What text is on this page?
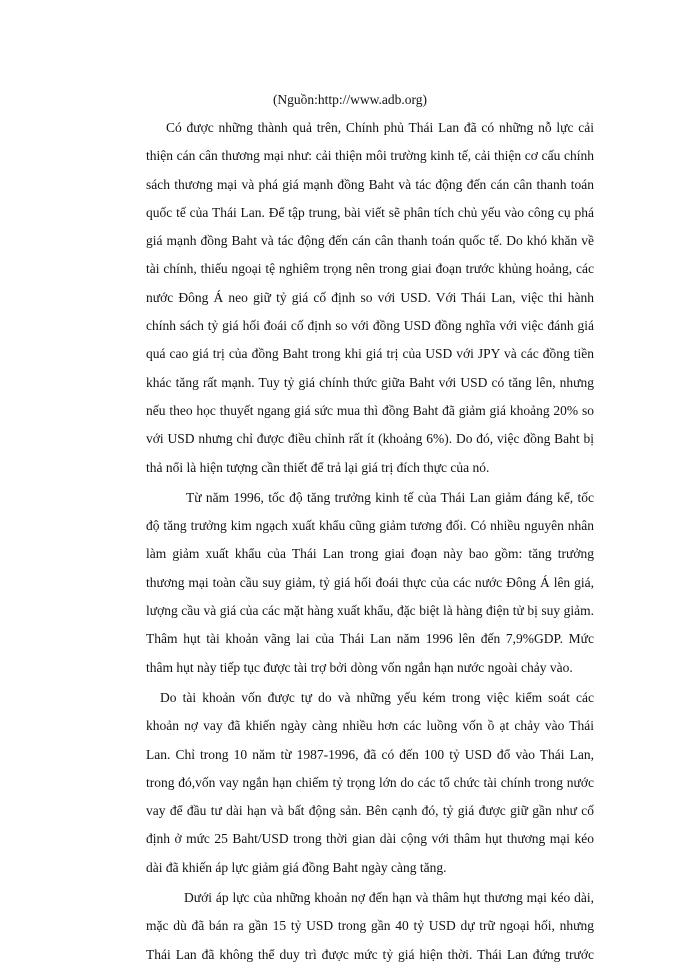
(Nguồn:http://www.adb.org)
Có được những thành quả trên, Chính phủ Thái Lan đã có những nỗ lực cải
thiện cán cân thương mại như: cải thiện môi trường kinh tế, cải thiện cơ cấu chính
sách thương mại và phá giá mạnh đồng Baht và tác động đến cán cân thanh toán
quốc tế của Thái Lan. Để tập trung, bài viết sẽ phân tích chủ yếu vào công cụ phá
giá mạnh đồng Baht và tác động đến cán cân thanh toán quốc tế. Do khó khăn về
tài chính, thiếu ngoại tệ nghiêm trọng nên trong giai đoạn trước khủng hoảng, các
nước Đông Á neo giữ tỷ giá cố định so với USD. Với Thái Lan, việc thi hành
chính sách tỷ giá hối đoái cố định so với đồng USD đồng nghĩa với việc đánh giá
quá cao giá trị của đồng Baht trong khi giá trị của USD với JPY và các đồng tiền
khác tăng rất mạnh. Tuy tỷ giá chính thức giữa Baht với USD có tăng lên, nhưng
nếu theo học thuyết ngang giá sức mua thì đồng Baht đã giảm giá khoảng 20% so
với USD nhưng chỉ được điều chỉnh rất ít (khoảng 6%). Do đó, việc đồng Baht bị
thả nổi là hiện tượng cần thiết để trả lại giá trị đích thực của nó.
Từ năm 1996, tốc độ tăng trưởng kinh tế của Thái Lan giảm đáng kể, tốc
độ tăng trưởng kim ngạch xuất khẩu cũng giảm tương đối. Có nhiều nguyên nhân
làm giảm xuất khẩu của Thái Lan trong giai đoạn này bao gồm: tăng trưởng
thương mại toàn cầu suy giảm, tỷ giá hối đoái thực của các nước Đông Á lên giá,
lượng cầu và giá của các mặt hàng xuất khẩu, đặc biệt là hàng điện tử bị suy giảm.
Thâm hụt tài khoản vãng lai của Thái Lan năm 1996 lên đến 7,9%GDP. Mức
thâm hụt này tiếp tục được tài trợ bởi dòng vốn ngắn hạn nước ngoài chảy vào.
Do tài khoản vốn được tự do và những yếu kém trong việc kiểm soát các
khoản nợ vay đã khiến ngày càng nhiều hơn các luồng vốn ồ ạt chảy vào Thái
Lan. Chỉ trong 10 năm từ 1987-1996, đã có đến 100 tỷ USD đổ vào Thái Lan,
trong đó,vốn vay ngắn hạn chiếm tỷ trọng lớn do các tổ chức tài chính trong nước
vay để đầu tư dài hạn và bất động sản. Bên cạnh đó, tỷ giá được giữ gần như cố
định ở mức 25 Baht/USD trong thời gian dài cộng với thâm hụt thương mại kéo
dài đã khiến áp lực giảm giá đồng Baht ngày càng tăng.
Dưới áp lực của những khoản nợ đến hạn và thâm hụt thương mại kéo dài,
mặc dù đã bán ra gần 15 tỷ USD trong gần 40 tỷ USD dự trữ ngoại hối, nhưng
Thái Lan đã không thể duy trì được mức tỷ giá hiện thời. Thái Lan đứng trước
